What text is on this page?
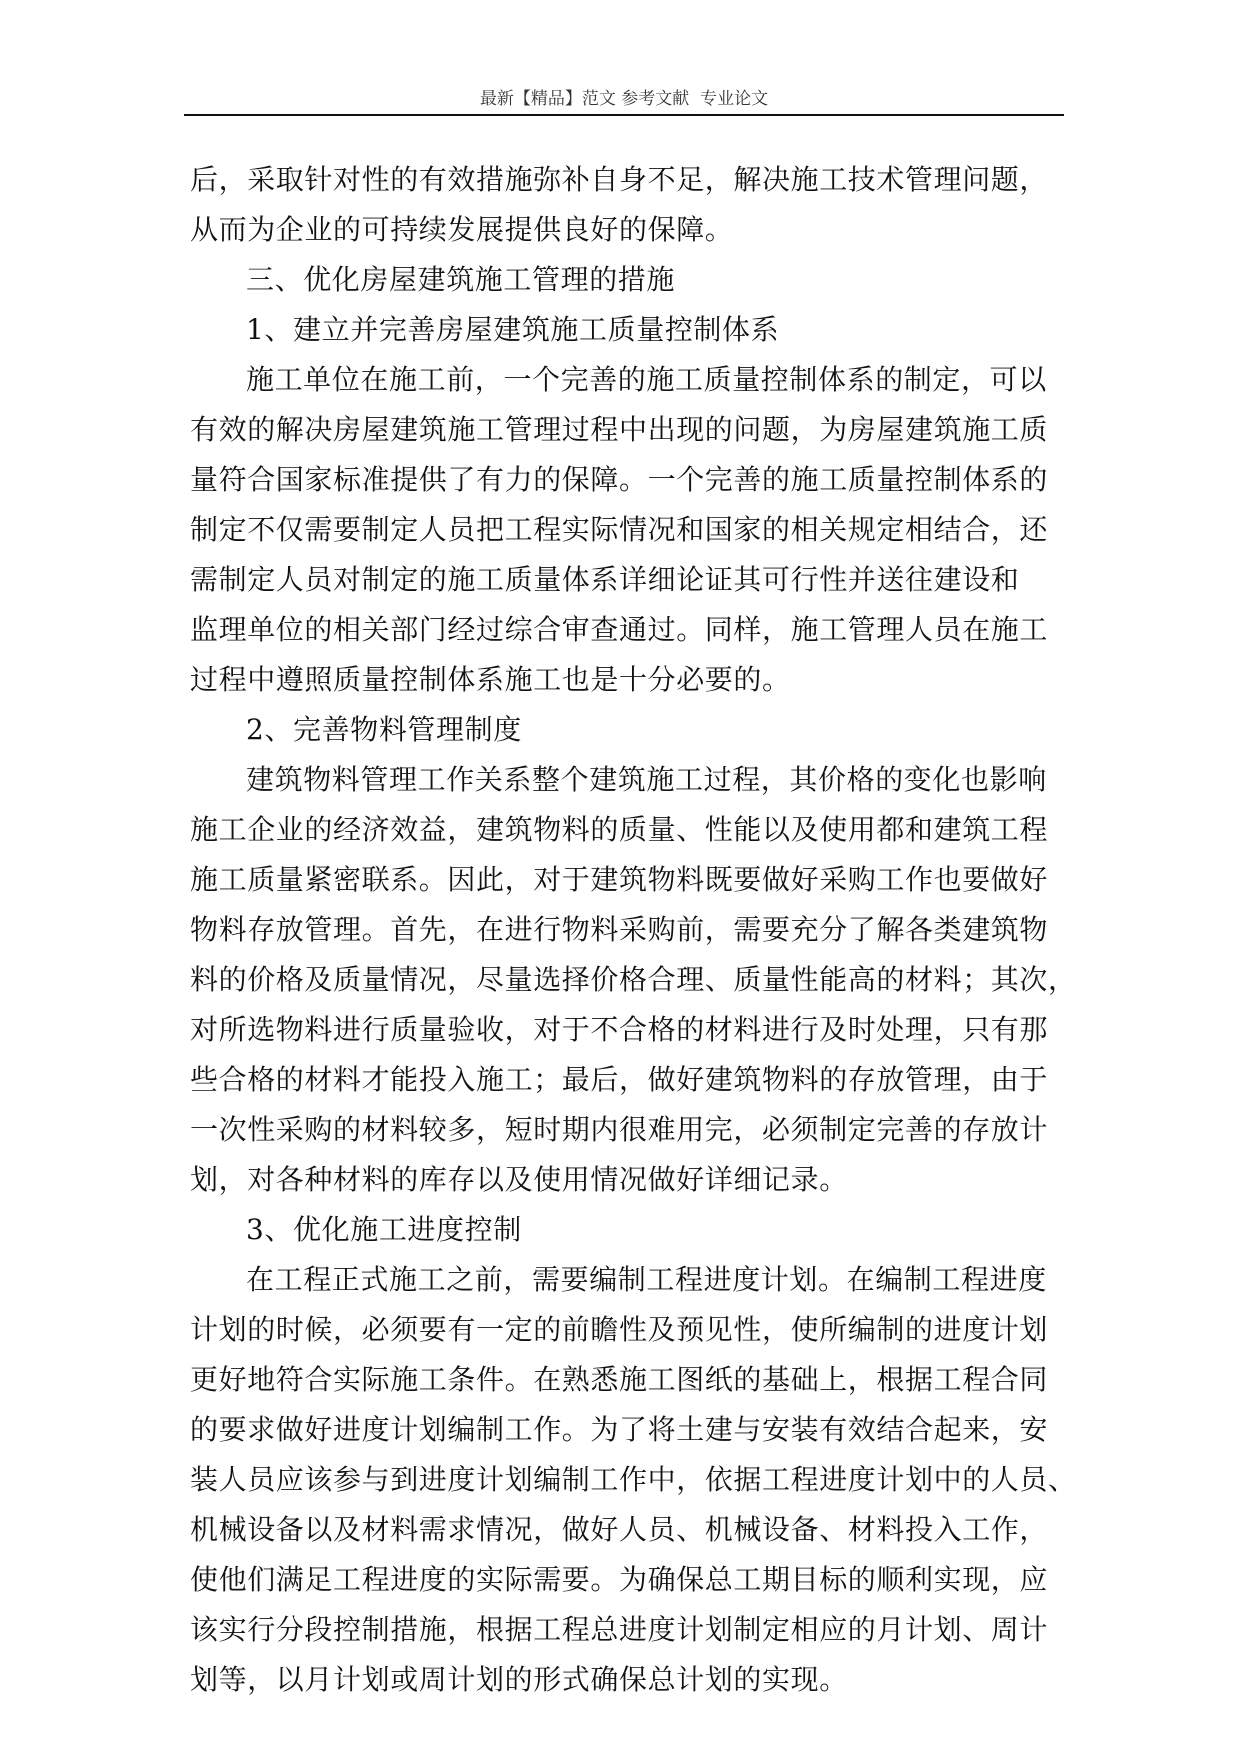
最新【精品】范文 参考文献  专业论文
后，采取针对性的有效措施弥补自身不足，解决施工技术管理问题，
从而为企业的可持续发展提供良好的保障。
三、优化房屋建筑施工管理的措施
1、建立并完善房屋建筑施工质量控制体系
施工单位在施工前，一个完善的施工质量控制体系的制定，可以
有效的解决房屋建筑施工管理过程中出现的问题，为房屋建筑施工质
量符合国家标准提供了有力的保障。一个完善的施工质量控制体系的
制定不仅需要制定人员把工程实际情况和国家的相关规定相结合，还
需制定人员对制定的施工质量体系详细论证其可行性并送往建设和
监理单位的相关部门经过综合审查通过。同样，施工管理人员在施工
过程中遵照质量控制体系施工也是十分必要的。
2、完善物料管理制度
建筑物料管理工作关系整个建筑施工过程，其价格的变化也影响
施工企业的经济效益，建筑物料的质量、性能以及使用都和建筑工程
施工质量紧密联系。因此，对于建筑物料既要做好采购工作也要做好
物料存放管理。首先，在进行物料采购前，需要充分了解各类建筑物
料的价格及质量情况，尽量选择价格合理、质量性能高的材料；其次，
对所选物料进行质量验收，对于不合格的材料进行及时处理，只有那
些合格的材料才能投入施工；最后，做好建筑物料的存放管理，由于
一次性采购的材料较多，短时期内很难用完，必须制定完善的存放计
划，对各种材料的库存以及使用情况做好详细记录。
3、优化施工进度控制
在工程正式施工之前，需要编制工程进度计划。在编制工程进度
计划的时候，必须要有一定的前瞻性及预见性，使所编制的进度计划
更好地符合实际施工条件。在熟悉施工图纸的基础上，根据工程合同
的要求做好进度计划编制工作。为了将土建与安装有效结合起来，安
装人员应该参与到进度计划编制工作中，依据工程进度计划中的人员、
机械设备以及材料需求情况，做好人员、机械设备、材料投入工作，
使他们满足工程进度的实际需要。为确保总工期目标的顺利实现，应
该实行分段控制措施，根据工程总进度计划制定相应的月计划、周计
划等，以月计划或周计划的形式确保总计划的实现。
